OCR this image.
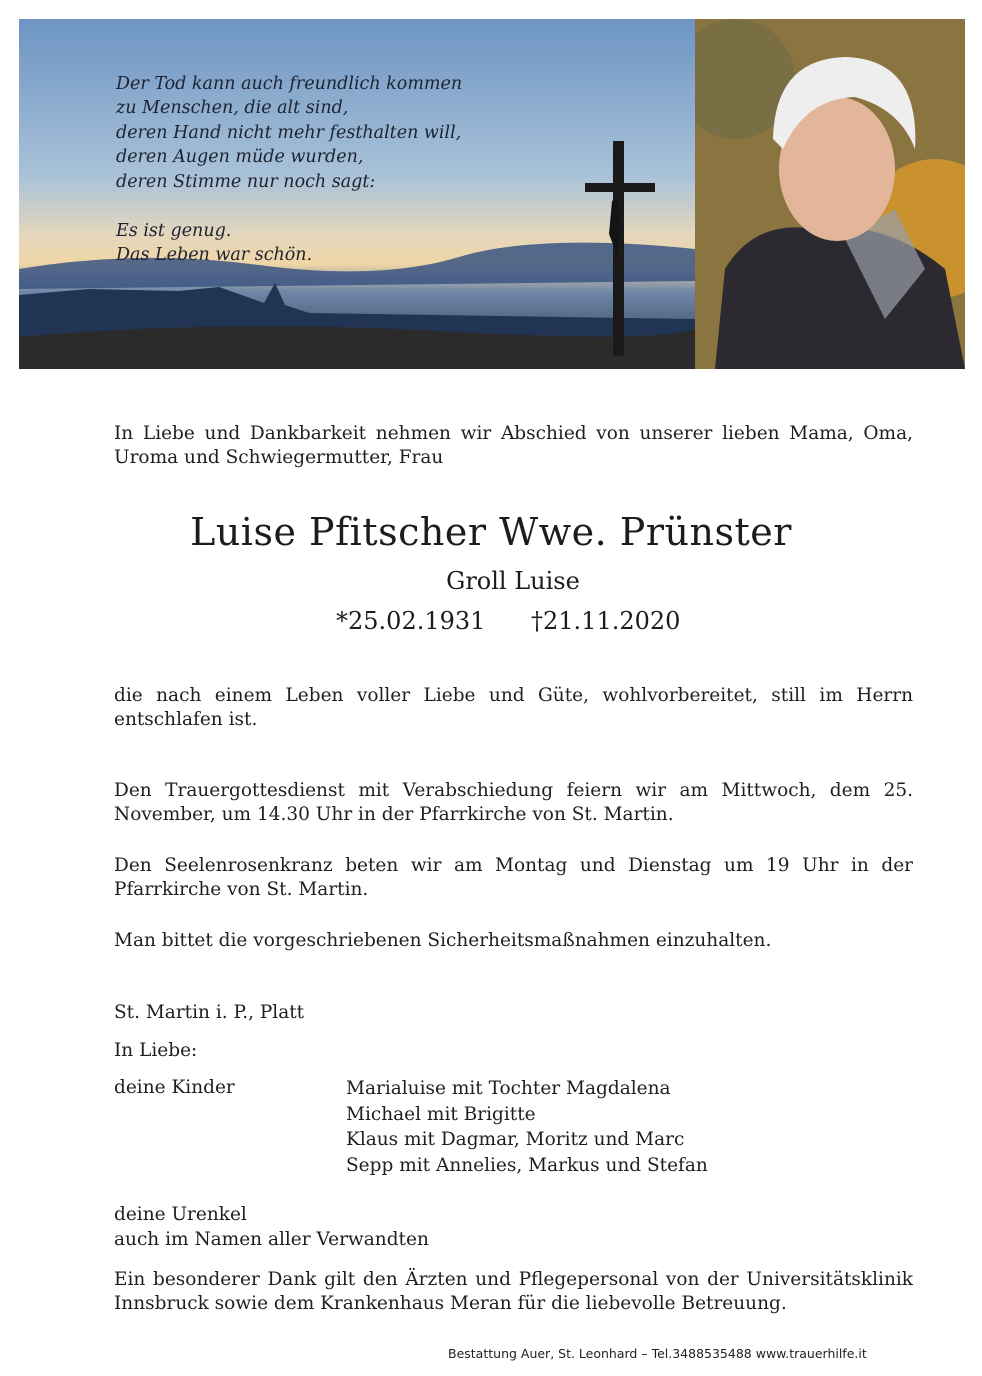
Der Tod kann auch freundlich kommen
zu Menschen, die alt sind,
deren Hand nicht mehr festhalten will,
deren Augen müde wurden,
deren Stimme nur noch sagt:
Es ist genug.
Das Leben war schön.

In Liebe und Dankbarkeit nehmen wir Abschied von unserer lieben Mama, Oma, Uroma und Schwiegermutter, Frau
Luise Pfitscher Wwe. Prünster
Groll Luise
*25.02.1931 †21.11.2020
die nach einem Leben voller Liebe und Güte, wohlvorbereitet, still im Herrn entschlafen ist.
Den Trauergottesdienst mit Verabschiedung feiern wir am Mittwoch, dem 25. November, um 14.30 Uhr in der Pfarrkirche von St. Martin.
Den Seelenrosenkranz beten wir am Montag und Dienstag um 19 Uhr in der Pfarrkirche von St. Martin.
Man bittet die vorgeschriebenen Sicherheitsmaßnahmen einzuhalten.
St. Martin i. P., Platt
In Liebe:
deine Kinder	Marialuise mit Tochter Magdalena
Michael mit Brigitte
Klaus mit Dagmar, Moritz und Marc
Sepp mit Annelies, Markus und Stefan
deine Urenkel
auch im Namen aller Verwandten
Ein besonderer Dank gilt den Ärzten und Pflegepersonal von der Universitätsklinik Innsbruck sowie dem Krankenhaus Meran für die liebevolle Betreuung.
Bestattung Auer, St. Leonhard – Tel.3488535488 www.trauerhilfe.it
